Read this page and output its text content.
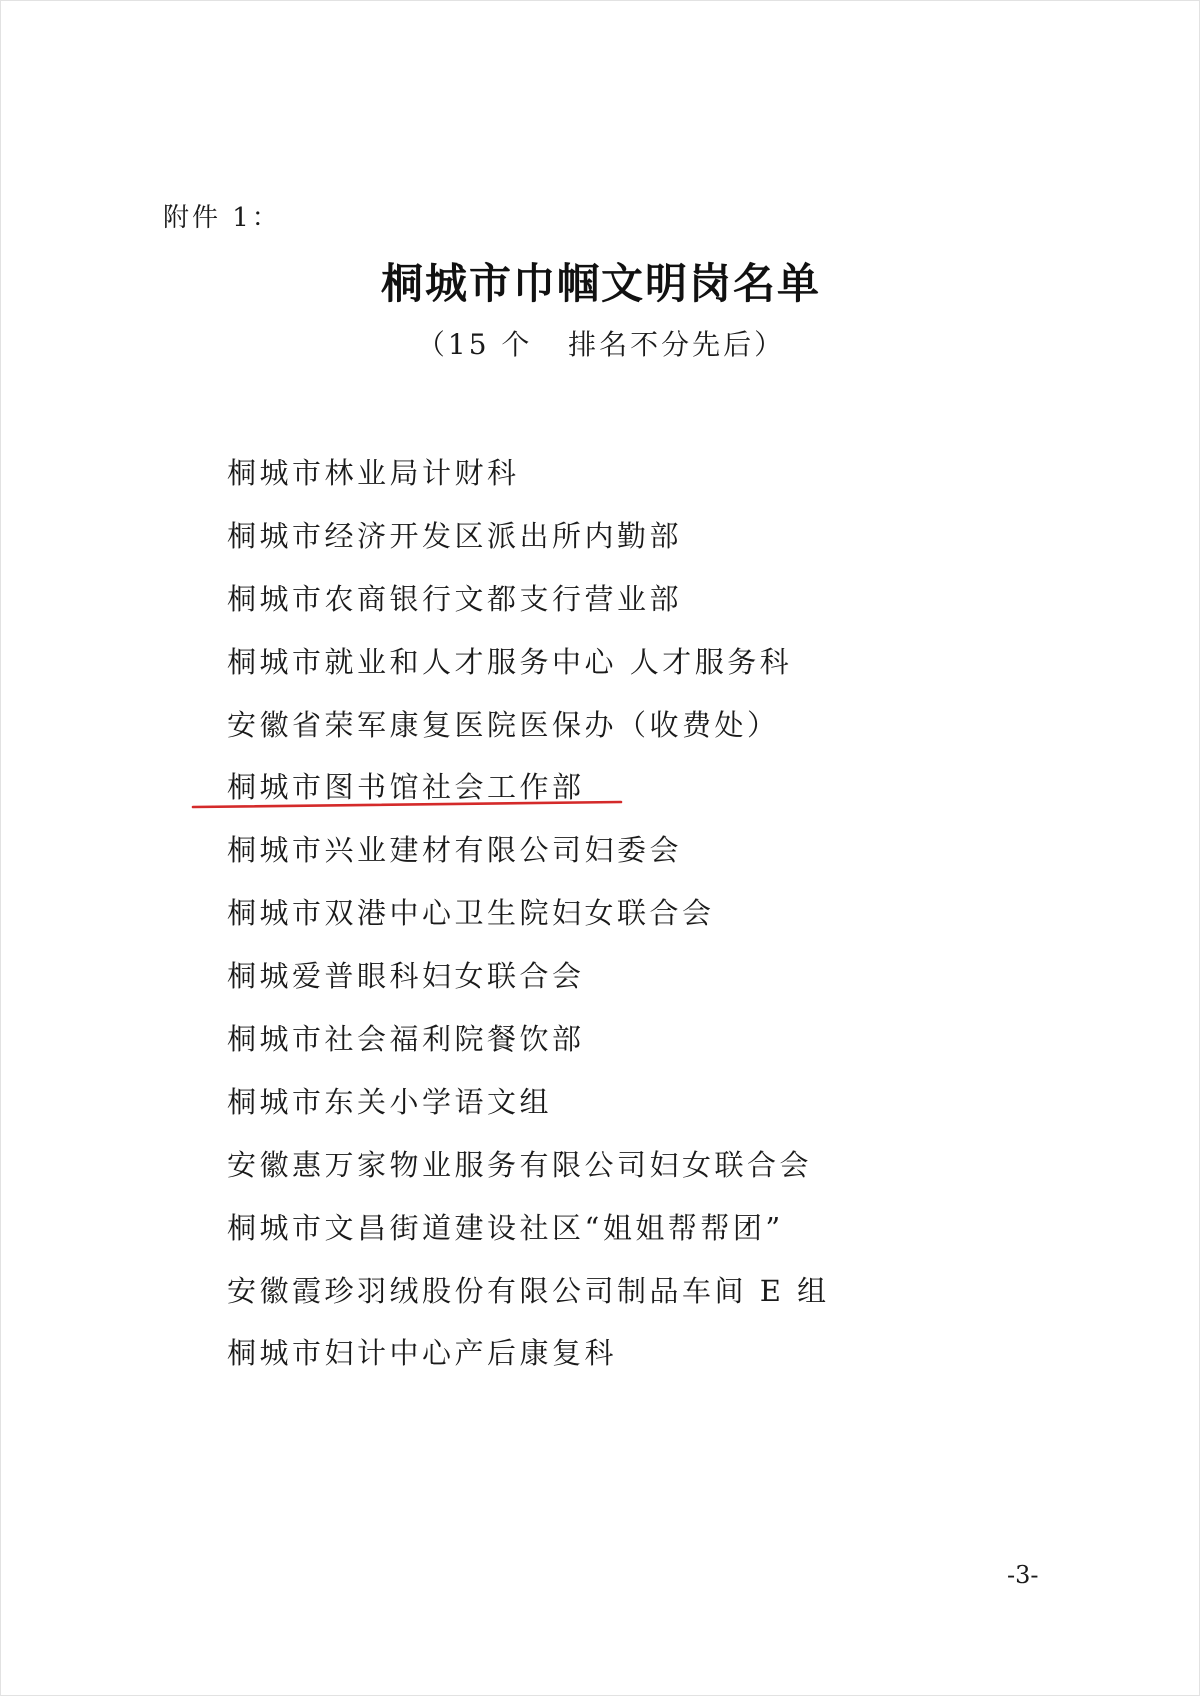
附件 1：
桐城市巾帼文明岗名单
（15 个   排名不分先后）
桐城市林业局计财科
桐城市经济开发区派出所内勤部
桐城市农商银行文都支行营业部
桐城市就业和人才服务中心 人才服务科
安徽省荣军康复医院医保办（收费处）
桐城市图书馆社会工作部
桐城市兴业建材有限公司妇委会
桐城市双港中心卫生院妇女联合会
桐城爱普眼科妇女联合会
桐城市社会福利院餐饮部
桐城市东关小学语文组
安徽惠万家物业服务有限公司妇女联合会
桐城市文昌街道建设社区“姐姐帮帮团”
安徽霞珍羽绒股份有限公司制品车间 E 组
桐城市妇计中心产后康复科
-3-
